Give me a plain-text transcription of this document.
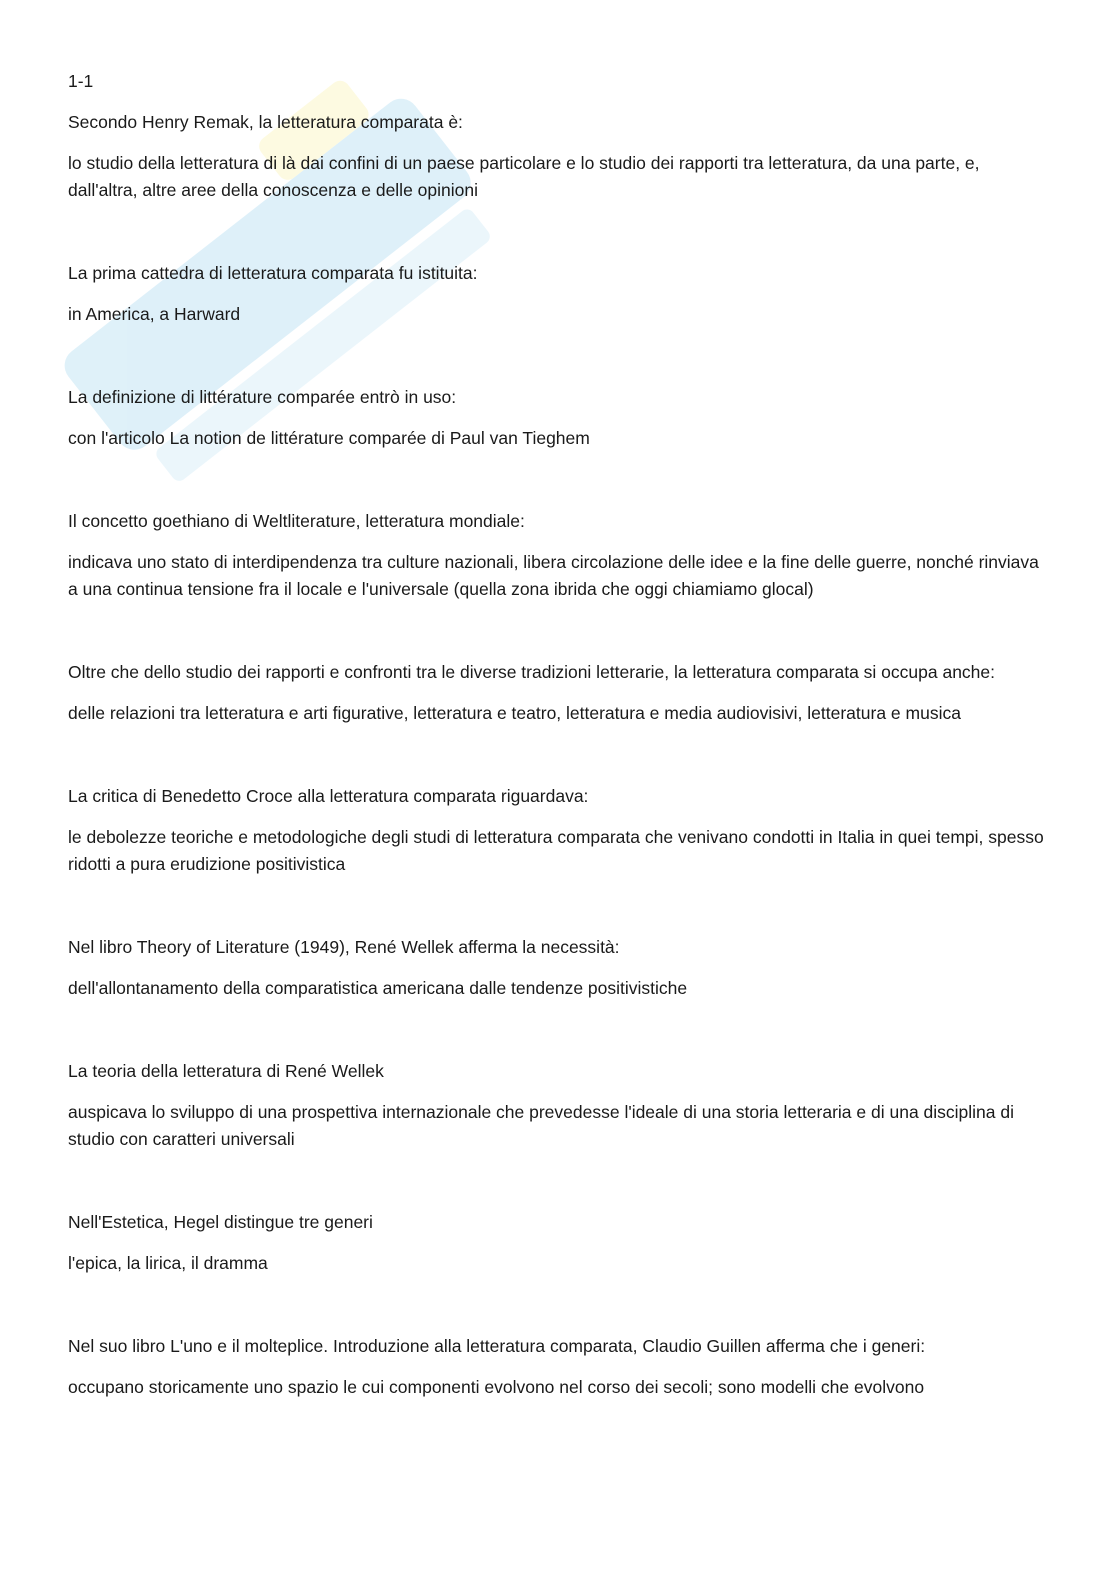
1-1

Secondo Henry Remak, la letteratura comparata è:

lo studio della letteratura di là dai confini di un paese particolare e lo studio dei rapporti tra letteratura, da una parte, e, dall'altra, altre aree della conoscenza e delle opinioni

La prima cattedra di letteratura comparata fu istituita:

in America, a Harward

La definizione di littérature comparée entrò in uso:

con l'articolo La notion de littérature comparée di Paul van Tieghem

Il concetto goethiano di Weltliterature, letteratura mondiale:

indicava uno stato di interdipendenza tra culture nazionali, libera circolazione delle idee e la fine delle guerre, nonché rinviava a una continua tensione fra il locale e l'universale (quella zona ibrida che oggi chiamiamo glocal)

Oltre che dello studio dei rapporti e confronti tra le diverse tradizioni letterarie, la letteratura comparata si occupa anche:

delle relazioni tra letteratura e arti figurative, letteratura e teatro, letteratura e media audiovisivi, letteratura e musica

La critica di Benedetto Croce alla letteratura comparata riguardava:

le debolezze teoriche e metodologiche degli studi di letteratura comparata che venivano condotti in Italia in quei tempi, spesso ridotti a pura erudizione positivistica

Nel libro Theory of Literature (1949), René Wellek afferma la necessità:

dell'allontanamento della comparatistica americana dalle tendenze positivistiche

La teoria della letteratura di René Wellek

auspicava lo sviluppo di una prospettiva internazionale che prevedesse l'ideale di una storia letteraria e di una disciplina di studio con caratteri universali

Nell'Estetica, Hegel distingue tre generi

l'epica, la lirica, il dramma

Nel suo libro L'uno e il molteplice. Introduzione alla letteratura comparata, Claudio Guillen afferma che i generi:

occupano storicamente uno spazio le cui componenti evolvono nel corso dei secoli; sono modelli che evolvono
